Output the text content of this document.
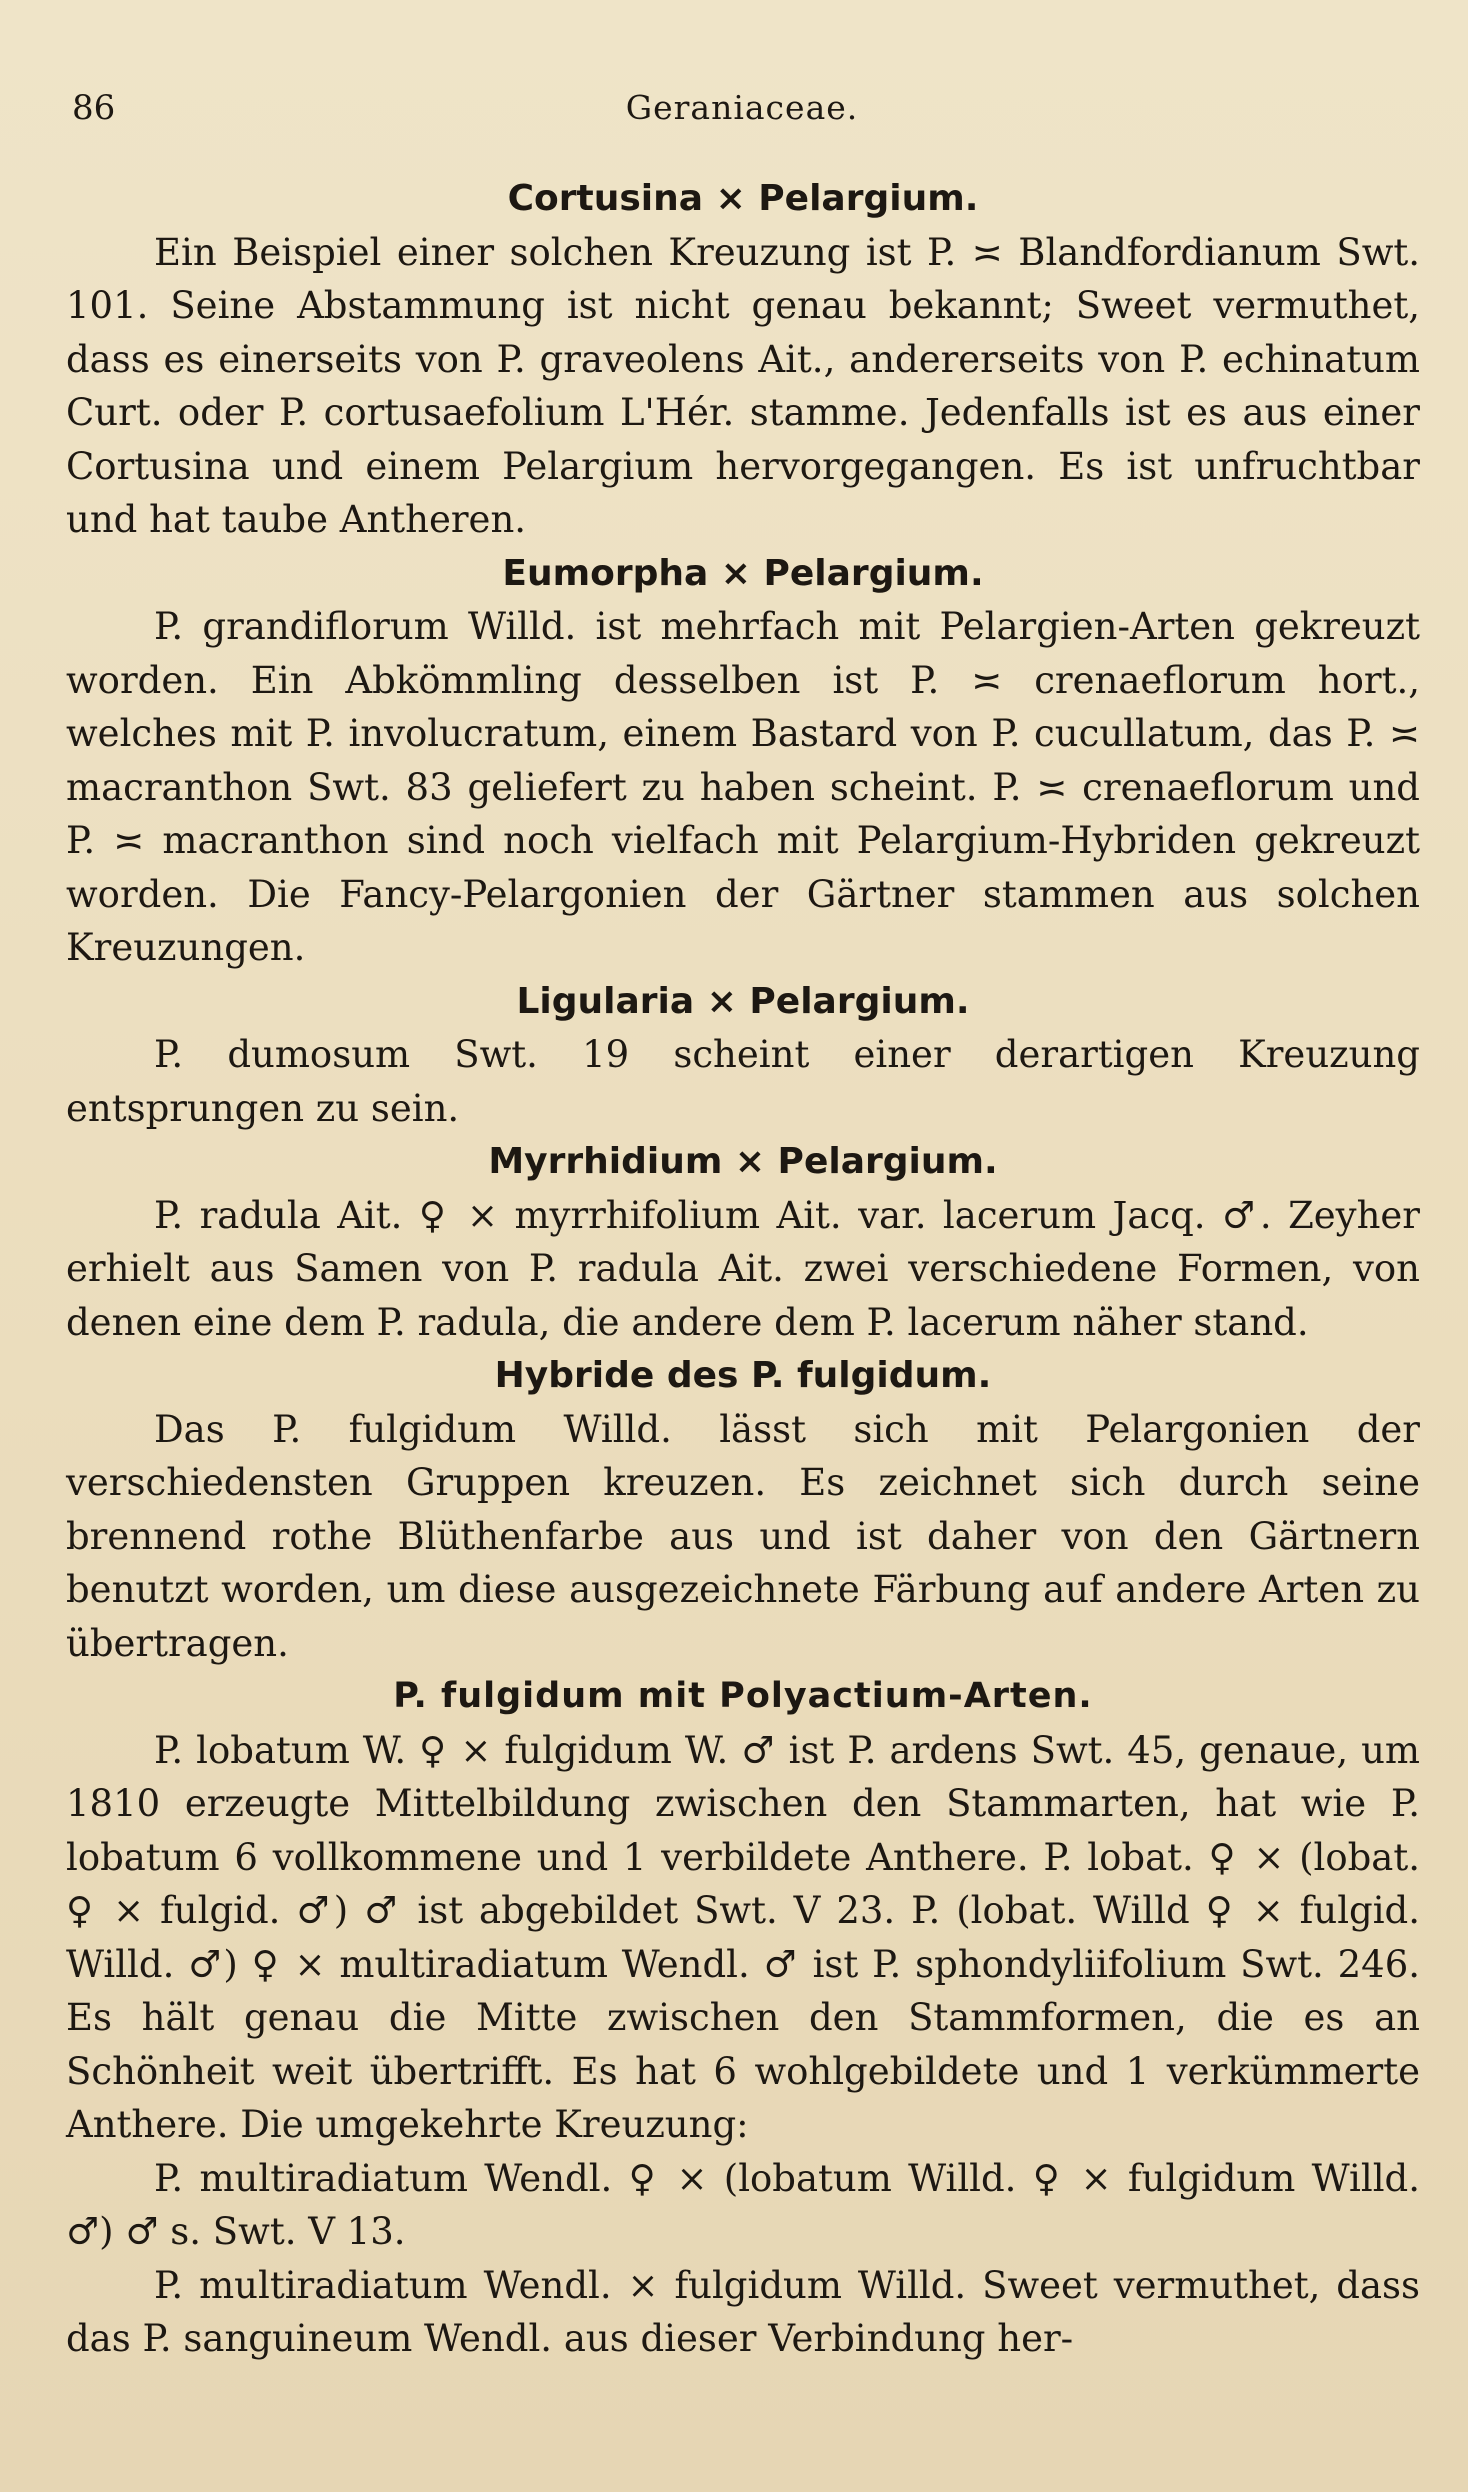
86	Geraniaceae.
Cortusina × Pelargium.

Ein Beispiel einer solchen Kreuzung ist P. ≍ Blandfordianum Swt. 101. Seine Abstammung ist nicht genau bekannt; Sweet vermuthet, dass es einerseits von P. graveolens Ait., andererseits von P. echinatum Curt. oder P. cortusaefolium L'Hér. stamme. Jedenfalls ist es aus einer Cortusina und einem Pelargium hervorgegangen. Es ist unfruchtbar und hat taube Antheren.

Eumorpha × Pelargium.

P. grandiflorum Willd. ist mehrfach mit Pelargien-Arten gekreuzt worden. Ein Abkömmling desselben ist P. ≍ crenaeflorum hort., welches mit P. involucratum, einem Bastard von P. cucullatum, das P. ≍ macranthon Swt. 83 geliefert zu haben scheint. P. ≍ crenaeflorum und P. ≍ macranthon sind noch vielfach mit Pelargium-Hybriden gekreuzt worden. Die Fancy-Pelargonien der Gärtner stammen aus solchen Kreuzungen.

Ligularia × Pelargium.

P. dumosum Swt. 19 scheint einer derartigen Kreuzung entsprungen zu sein.

Myrrhidium × Pelargium.

P. radula Ait. ♀ × myrrhifolium Ait. var. lacerum Jacq. ♂. Zeyher erhielt aus Samen von P. radula Ait. zwei verschiedene Formen, von denen eine dem P. radula, die andere dem P. lacerum näher stand.

Hybride des P. fulgidum.

Das P. fulgidum Willd. lässt sich mit Pelargonien der verschiedensten Gruppen kreuzen. Es zeichnet sich durch seine brennend rothe Blüthenfarbe aus und ist daher von den Gärtnern benutzt worden, um diese ausgezeichnete Färbung auf andere Arten zu übertragen.

P. fulgidum mit Polyactium-Arten.

P. lobatum W. ♀ × fulgidum W. ♂ ist P. ardens Swt. 45, genaue, um 1810 erzeugte Mittelbildung zwischen den Stammarten, hat wie P. lobatum 6 vollkommene und 1 verbildete Anthere. P. lobat. ♀ × (lobat. ♀ × fulgid. ♂) ♂ ist abgebildet Swt. V 23. P. (lobat. Willd ♀ × fulgid. Willd. ♂) ♀ × multiradiatum Wendl. ♂ ist P. sphondyliifolium Swt. 246. Es hält genau die Mitte zwischen den Stammformen, die es an Schönheit weit übertrifft. Es hat 6 wohlgebildete und 1 verkümmerte Anthere. Die umgekehrte Kreuzung:

P. multiradiatum Wendl. ♀ × (lobatum Willd. ♀ × fulgidum Willd. ♂) ♂ s. Swt. V 13.

P. multiradiatum Wendl. × fulgidum Willd. Sweet vermuthet, dass das P. sanguineum Wendl. aus dieser Verbindung her-
